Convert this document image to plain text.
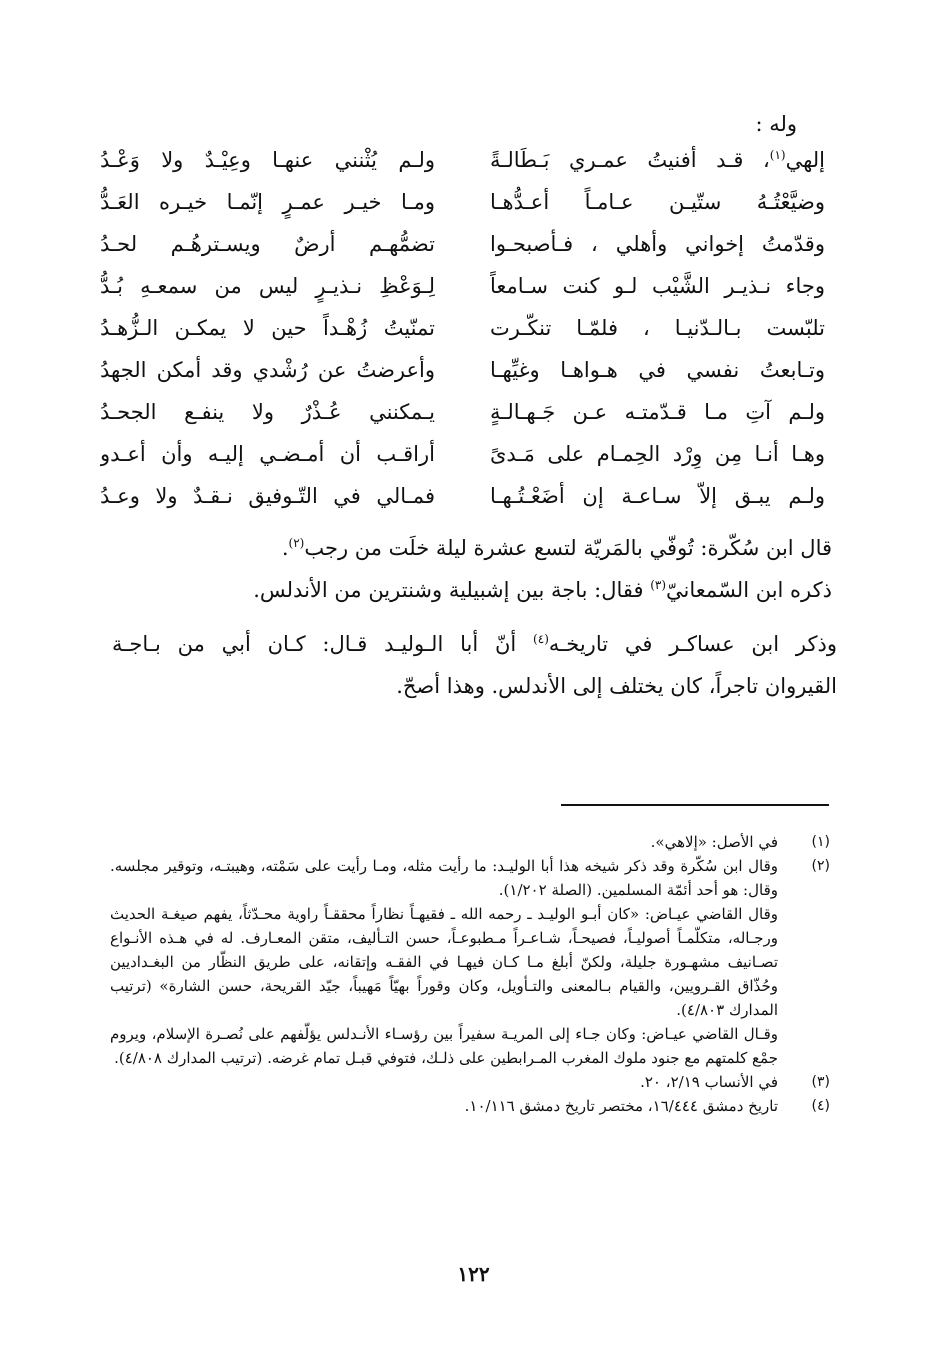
وله :
إلهي$^{(١)}$، قـد أفنيتُ عمـري بَـطَالـةً
ولـم يُثْنني عنهـا وعِيْـدٌ ولا وَعْـدُ
وضيَّعْتُـهُ ستّيـن عـامـاً أعـدُّهـا
ومـا خيـر عمـرٍ إنّمـا خيـره العَـدُّ
وقدّمتُ إخواني وأهلي ، فـأصبحـوا
تضمُّهـم أرضٌ ويسـترهُـم لحـدُ
وجاء نـذيـر الشَّيْب لـو كنت سـامعاً
لِـوَعْظِ نـذيـرٍ ليس من سمعـهِ بُـدُّ
تلبّست بـالـدّنيـا ، فلمّـا تنكّـرت
تمنّيتُ زُهْـداً حين لا يمكـن الـزُّهـدُ
وتـابعتُ نفسي في هـواهـا وغيِّهـا
وأعرضتُ عن رُشْدي وقد أمكن الجهدُ
ولـم آتِ مـا قـدّمتـه عـن جَـهـالـةٍ
يـمكنني عُـذْرٌ ولا ينفـع الجحـدُ
وهـا أنـا مِن وِرْد الحِمـام على مَـدىً
أراقـب أن أمـضـي إليـه وأن أعـدو
ولـم يبـق إلاّ سـاعـة إن أضَعْـتُـهـا
فمـالي في التّـوفيق نـقـدٌ ولا وعـدُ
قال ابن سُكّرة: تُوفّي بالمَريّة لتسع عشرة ليلة خلَت من رجب$^{(٢)}$.
ذكره ابن السّمعانيّ$^{(٣)}$ فقال: باجة بين إشبيلية وشنترين من الأندلس.
وذكر ابن عساكـر في تاريخـه$^{(٤)}$ أنّ أبا الـوليـد قـال: كـان أبي من بـاجـة
القيروان تاجراً، كان يختلف إلى الأندلس. وهذا أصحّ.
(١)
في الأصل: «إلاهي».
(٢)
وقال ابن سُكّرة وقد ذكر شيخه هذا أبا الوليـد: ما رأيت مثله، ومـا رأيت على سَمْته، وهيبتـه، وتوقير مجلسه. وقال: هو أحد أئمّة المسلمين. (الصلة ١/٢٠٢).
وقال القاضي عيـاض: «كان أبـو الوليـد ـ رحمه الله ـ فقيهـاً نظاراً محققـاً راوية محـدّثاً، يفهم صيغـة الحديث ورجـاله، متكلّمـاً أصوليـاً، فصيحـاً، شـاعـراً مـطبوعـاً، حسن التـأليف، متقن المعـارف. له في هـذه الأنـواع تصـانيف مشهـورة جليلة، ولكنّ أبلغ مـا كـان فيهـا في الفقـه وإتقانه، على طريق النظّار من البغـداديين وحُذّاق القـرويين، والقيام بـالمعنى والتـأويل، وكان وقوراً بهيّاً مَهيباً، جيّد القريحة، حسن الشارة» (ترتيب المدارك ٤/٨٠٣).
وقـال القاضي عيـاض: وكان جـاء إلى المريـة سفيراً بين رؤسـاء الأنـدلس يؤلّفهم على نُصـرة الإسلام، ويروم جمْع كلمتهم مع جنود ملوك المغرب المـرابطين على ذلـك، فتوفي قبـل تمام غرضه. (ترتيب المدارك ٤/٨٠٨).
(٣)
في الأنساب ٢/١٩، ٢٠.
(٤)
تاريخ دمشق ١٦/٤٤٤، مختصر تاريخ دمشق ١٠/١١٦.
١٢٢
